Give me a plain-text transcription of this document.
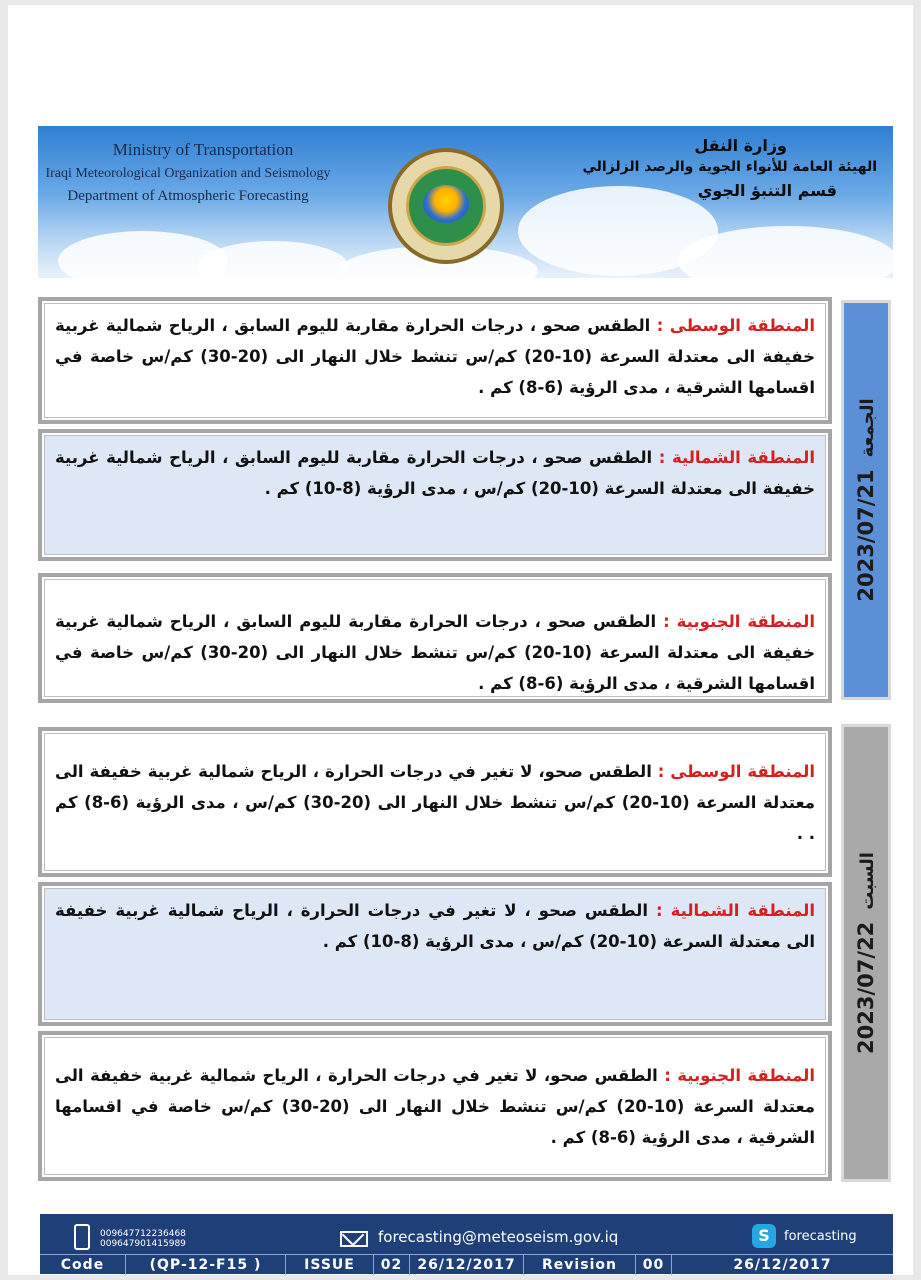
Ministry of Transportation
Iraqi Meteorological Organization and Seismology
Department of Atmospheric Forecasting
وزارة النقل
الهيئة العامة للأنواء الجوية والرصد الزلزالي
قسم التنبؤ الجوي
2023/07/21الجمعة
المنطقة الوسطى : الطقس صحو ، درجات الحرارة مقاربة لليوم السابق ، الرياح شمالية غربية خفيفة الى معتدلة السرعة (10-20) كم/س تنشط خلال النهار الى (20-30) كم/س خاصة في اقسامها الشرقية ، مدى الرؤية (6-8) كم .
المنطقة الشمالية : الطقس صحو ، درجات الحرارة مقاربة لليوم السابق ، الرياح شمالية غربية خفيفة الى معتدلة السرعة (10-20) كم/س ، مدى الرؤية (8-10) كم .
المنطقة الجنوبية : الطقس صحو ، درجات الحرارة مقاربة لليوم السابق ، الرياح شمالية غربية خفيفة الى معتدلة السرعة (10-20) كم/س تنشط خلال النهار الى (20-30) كم/س خاصة في اقسامها الشرقية ، مدى الرؤية (6-8) كم .
2023/07/22السبت
المنطقة الوسطى : الطقس صحو، لا تغير في درجات الحرارة ، الرياح شمالية غربية خفيفة الى معتدلة السرعة (10-20) كم/س تنشط خلال النهار الى (20-30) كم/س ، مدى الرؤية (6-8) كم . .
المنطقة الشمالية : الطقس صحو ، لا تغير في درجات الحرارة ، الرياح شمالية غربية خفيفة الى معتدلة السرعة (10-20) كم/س ، مدى الرؤية (8-10) كم .
المنطقة الجنوبية : الطقس صحو، لا تغير في درجات الحرارة ، الرياح شمالية غربية خفيفة الى معتدلة السرعة (10-20) كم/س تنشط خلال النهار الى (20-30) كم/س خاصة في اقسامها الشرقية ، مدى الرؤية (6-8) كم .
009647712236468
009647901415989	forecasting@meteoseism.gov.iq	S	forecasting
Code	(QP-12-F15 )	ISSUE	02	26/12/2017	Revision	00	26/12/2017
